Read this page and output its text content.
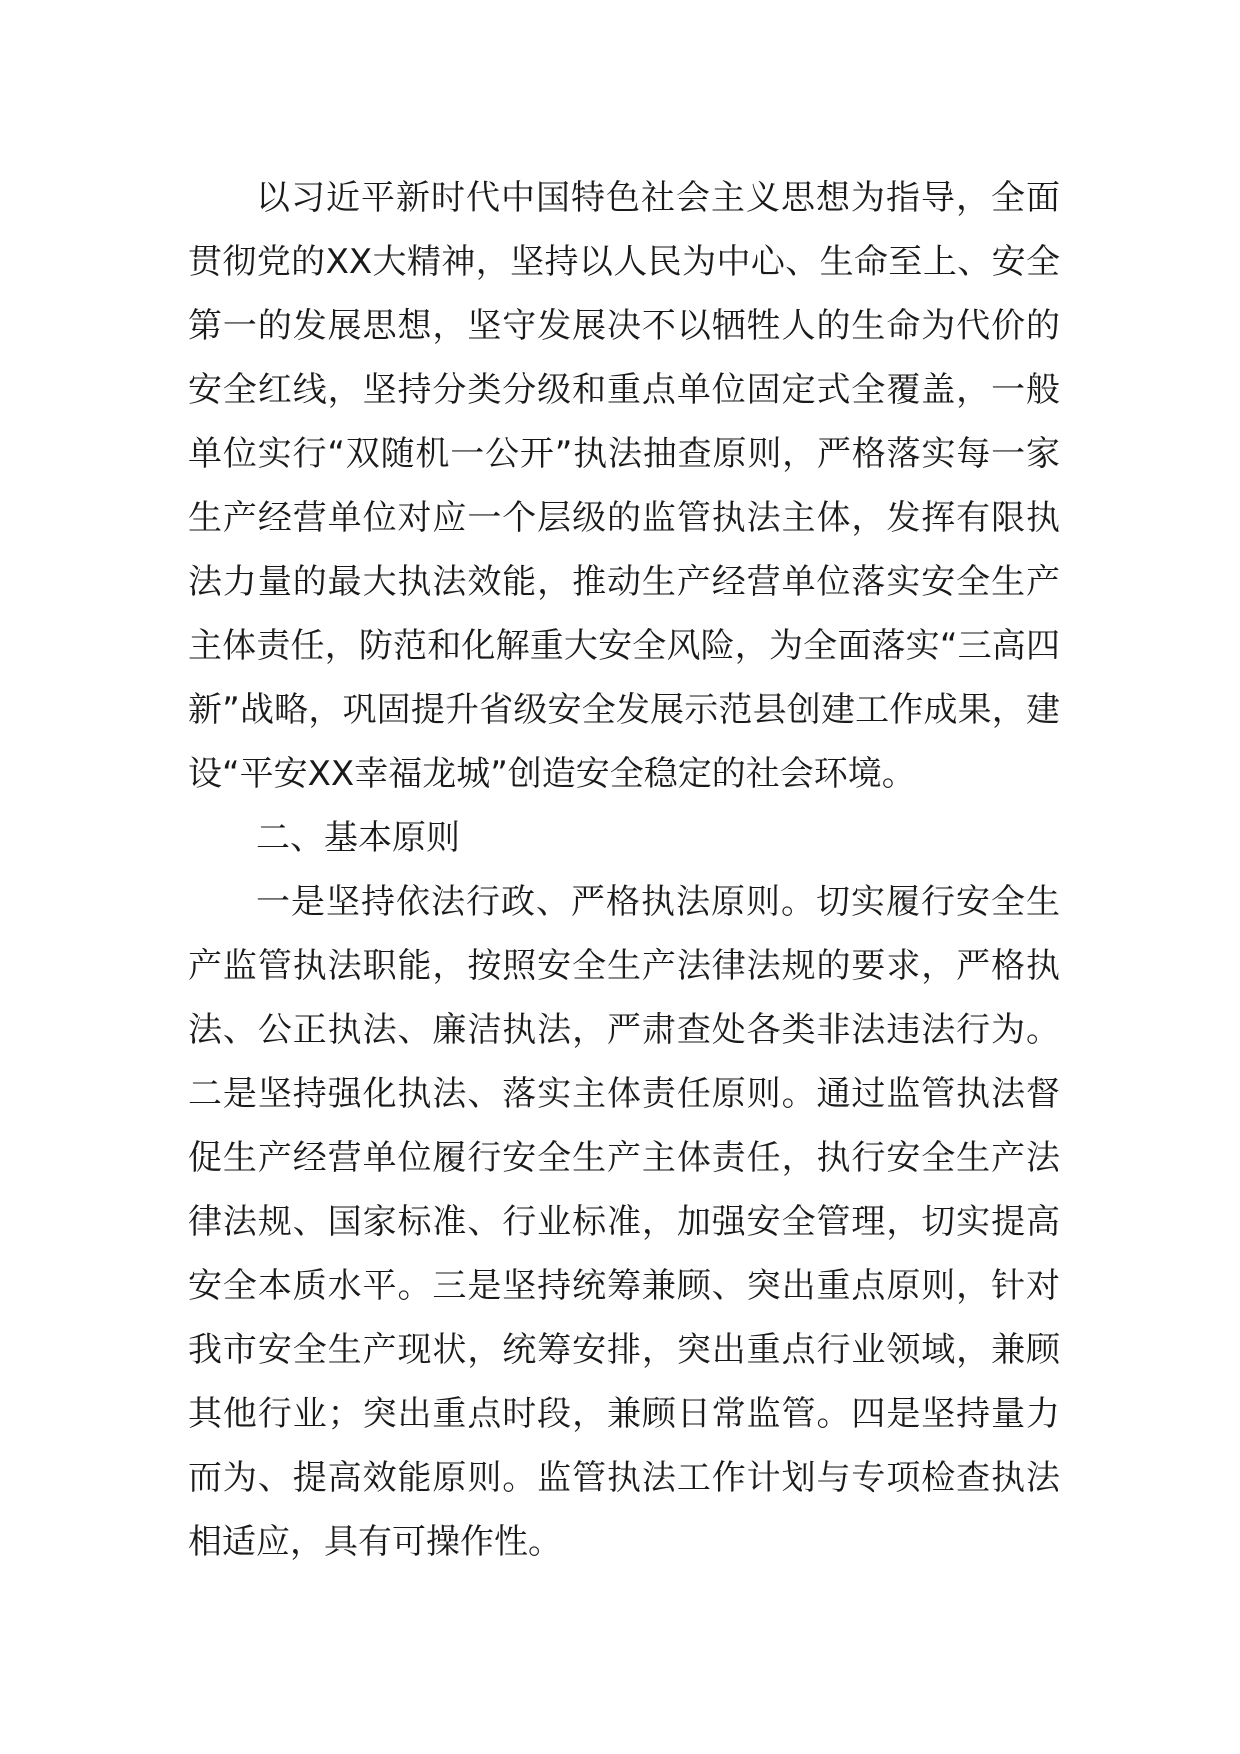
以习近平新时代中国特色社会主义思想为指导，全面贯彻党的XX大精神，坚持以人民为中心、生命至上、安全第一的发展思想，坚守发展决不以牺牲人的生命为代价的安全红线，坚持分类分级和重点单位固定式全覆盖，一般单位实行“双随机一公开”执法抽查原则，严格落实每一家生产经营单位对应一个层级的监管执法主体，发挥有限执法力量的最大执法效能，推动生产经营单位落实安全生产主体责任，防范和化解重大安全风险，为全面落实“三高四新”战略，巩固提升省级安全发展示范县创建工作成果，建设“平安XX幸福龙城”创造安全稳定的社会环境。

二、基本原则

一是坚持依法行政、严格执法原则。切实履行安全生产监管执法职能，按照安全生产法律法规的要求，严格执法、公正执法、廉洁执法，严肃查处各类非法违法行为。二是坚持强化执法、落实主体责任原则。通过监管执法督促生产经营单位履行安全生产主体责任，执行安全生产法律法规、国家标准、行业标准，加强安全管理，切实提高安全本质水平。三是坚持统筹兼顾、突出重点原则，针对我市安全生产现状，统筹安排，突出重点行业领域，兼顾其他行业；突出重点时段，兼顾日常监管。四是坚持量力而为、提高效能原则。监管执法工作计划与专项检查执法相适应，具有可操作性。
